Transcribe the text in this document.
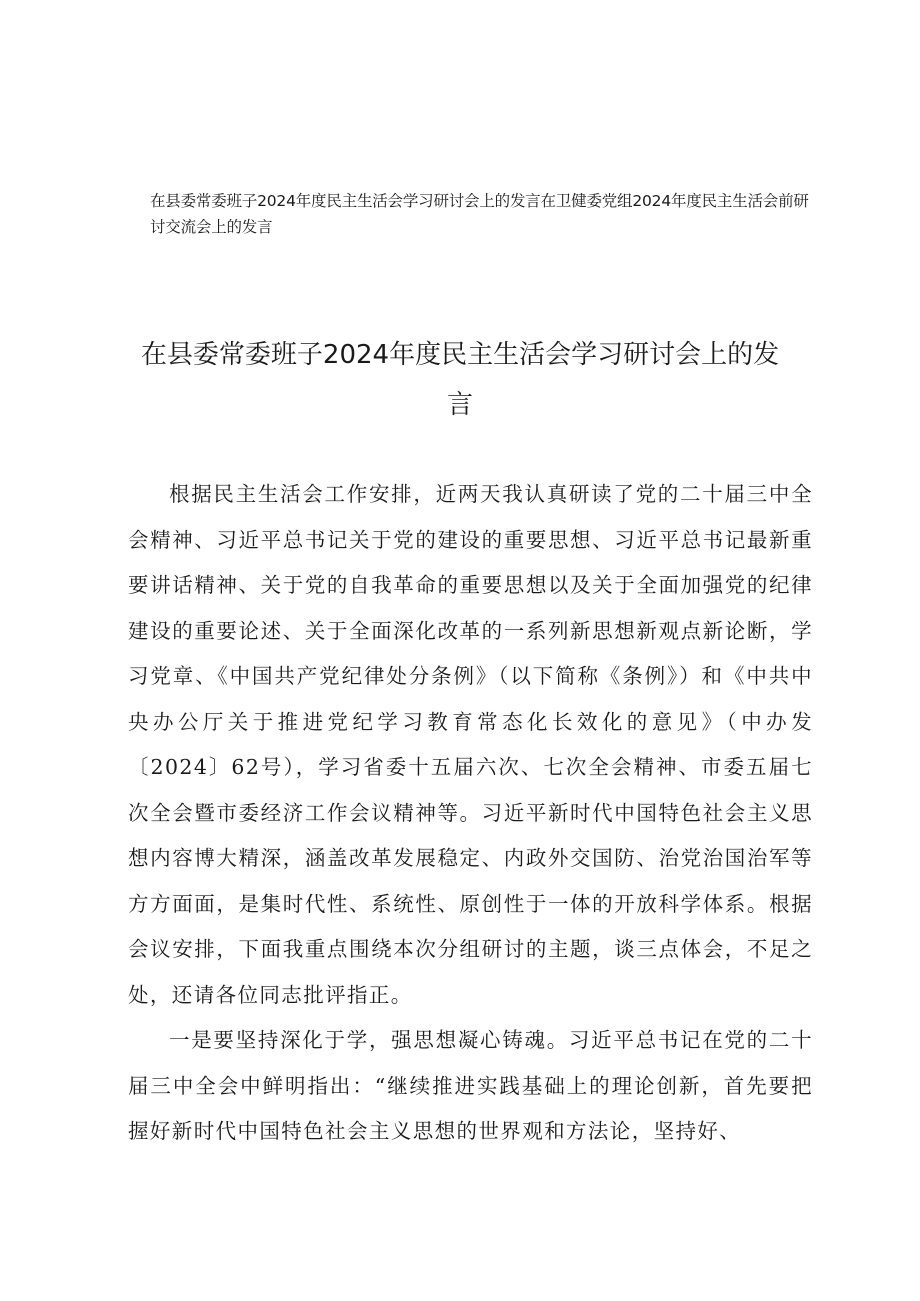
在县委常委班子2024年度民主生活会学习研讨会上的发言在卫健委党组2024年度民主生活会前研讨交流会上的发言
在县委常委班子2024年度民主生活会学习研讨会上的发言

根据民主生活会工作安排，近两天我认真研读了党的二十届三中全会精神、习近平总书记关于党的建设的重要思想、习近平总书记最新重要讲话精神、关于党的自我革命的重要思想以及关于全面加强党的纪律建设的重要论述、关于全面深化改革的一系列新思想新观点新论断，学习党章、《中国共产党纪律处分条例》（以下简称《条例》）和《中共中央办公厅关于推进党纪学习教育常态化长效化的意见》（中办发〔2024〕62号），学习省委十五届六次、七次全会精神、市委五届七次全会暨市委经济工作会议精神等。习近平新时代中国特色社会主义思想内容博大精深，涵盖改革发展稳定、内政外交国防、治党治国治军等方方面面，是集时代性、系统性、原创性于一体的开放科学体系。根据会议安排，下面我重点围绕本次分组研讨的主题，谈三点体会，不足之处，还请各位同志批评指正。

一是要坚持深化于学，强思想凝心铸魂。习近平总书记在党的二十届三中全会中鲜明指出：“继续推进实践基础上的理论创新，首先要把握好新时代中国特色社会主义思想的世界观和方法论，坚持好、
